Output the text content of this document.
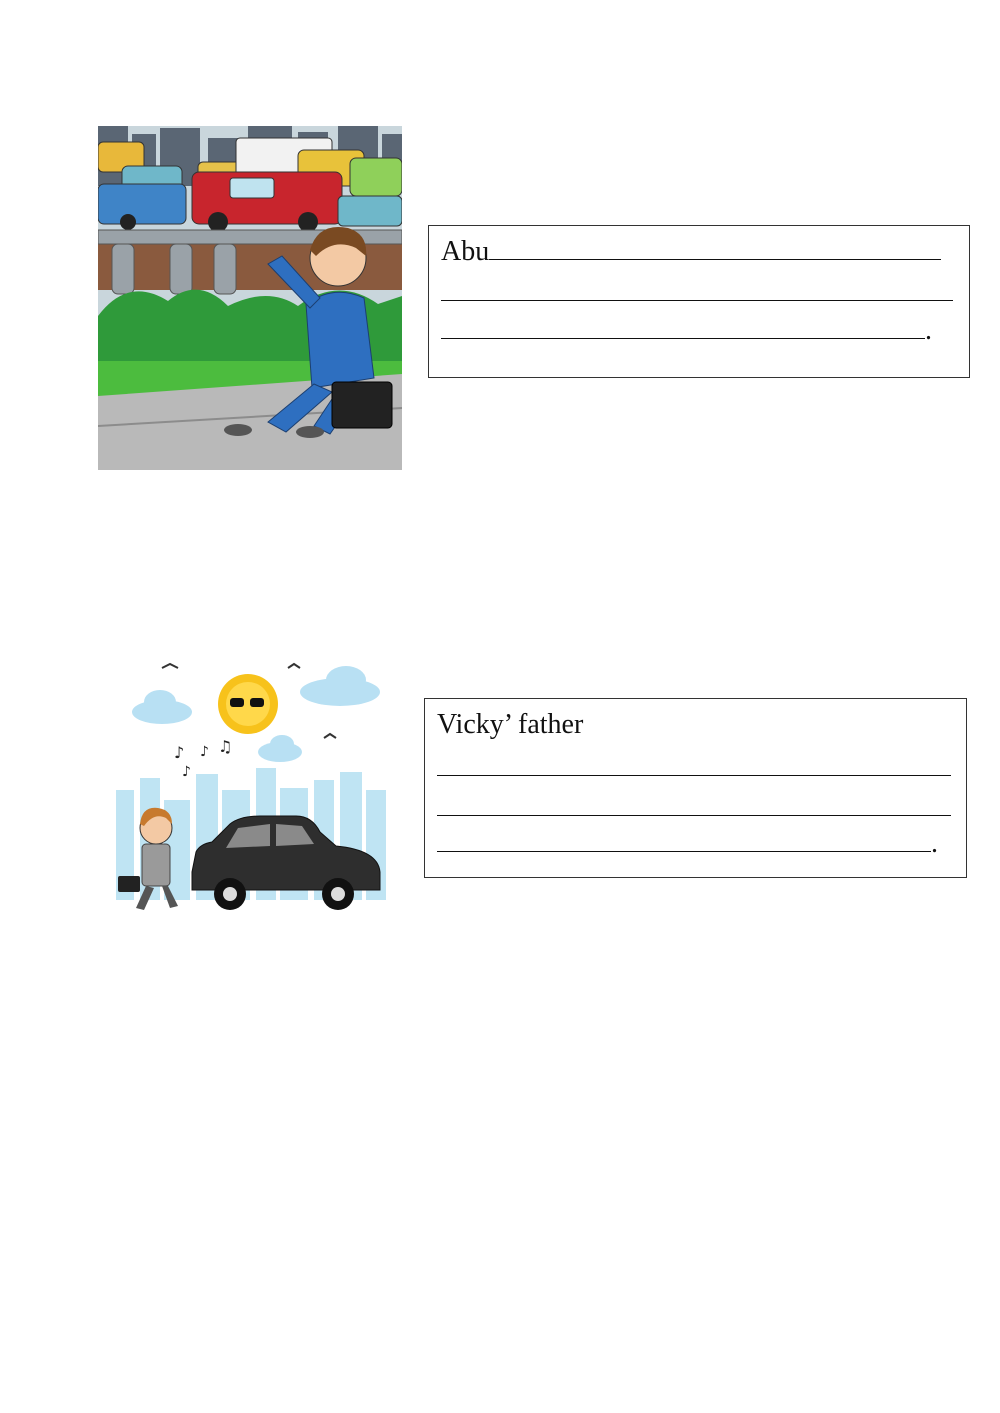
Abu
.
♪ ♪ ♫
♪
Vicky’ father
.
